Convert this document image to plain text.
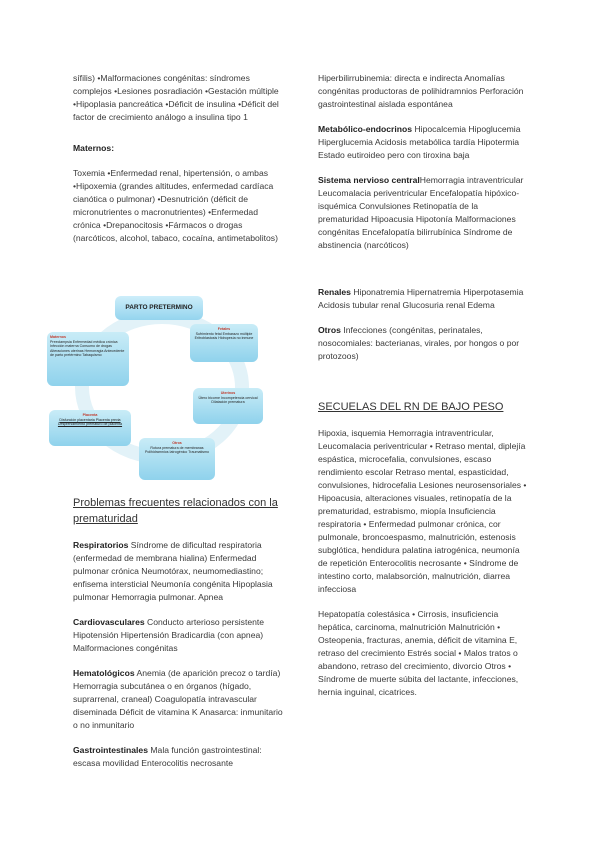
sífilis) •Malformaciones congénitas: síndromes complejos •Lesiones posradiación •Gestación múltiple •Hipoplasia pancreática •Déficit de insulina •Déficit del factor de crecimiento análogo a insulina tipo 1

Maternos:

Toxemia •Enfermedad renal, hipertensión, o ambas •Hipoxemia (grandes altitudes, enfermedad cardíaca cianótica o pulmonar) •Desnutrición (déficit de micronutrientes o macronutrientes) •Enfermedad crónica •Drepanocitosis •Fármacos o drogas (narcóticos, alcohol, tabaco, cocaína, antimetabolitos)

PARTO PRETERMINO
Maternos
Preeclampsia Enfermedad médica crónica Infección materna Consumo de drogas Alteraciones uterinas Hemorragia Antecedente de parto pretérmino Tabaquismo
Fetales
Sufrimiento fetal Embarazo múltiple Eritroblastosis Hidropesía no inmune
Uterinos
Útero bicorne Incompetencia cervical Dilatación prematura
Placenta
Disfunción placentaria Placenta previa Desprendimiento prematuro de placenta
Otros
Rotura prematura de membranas Polihidramnios Iatrogénico Traumatismo

Problemas frecuentes relacionados con la prematuridad

Respiratorios Síndrome de dificultad respiratoria (enfermedad de membrana hialina) Enfermedad pulmonar crónica Neumotórax, neumomediastino; enfisema intersticial Neumonía congénita Hipoplasia pulmonar Hemorragia pulmonar. Apnea

Cardiovasculares Conducto arterioso persistente Hipotensión Hipertensión Bradicardia (con apnea) Malformaciones congénitas

Hematológicos Anemia (de aparición precoz o tardía) Hemorragia subcutánea o en órganos (hígado, suprarrenal, craneal) Coagulopatía intravascular diseminada Déficit de vitamina K Anasarca: inmunitario o no inmunitario

Gastrointestinales Mala función gastrointestinal: escasa movilidad Enterocolitis necrosante

Hiperbilirrubinemia: directa e indirecta Anomalías congénitas productoras de polihidramnios Perforación gastrointestinal aislada espontánea

Metabólico-endocrinos Hipocalcemia Hipoglucemia Hiperglucemia Acidosis metabólica tardía Hipotermia Estado eutiroideo pero con tiroxina baja

Sistema nervioso centralHemorragia intraventricular Leucomalacia periventricular Encefalopatía hipóxico-isquémica Convulsiones Retinopatía de la prematuridad Hipoacusia Hipotonía Malformaciones congénitas Encefalopatía bilirrubínica Síndrome de abstinencia (narcóticos)

Renales Hiponatremia Hipernatremia Hiperpotasemia Acidosis tubular renal Glucosuria renal Edema

Otros Infecciones (congénitas, perinatales, nosocomiales: bacterianas, virales, por hongos o por protozoos)

SECUELAS DEL RN DE BAJO PESO

Hipoxia, isquemia Hemorragia intraventricular, Leucomalacia periventricular • Retraso mental, diplejía espástica, microcefalia, convulsiones, escaso rendimiento escolar Retraso mental, espasticidad, convulsiones, hidrocefalia Lesiones neurosensoriales • Hipoacusia, alteraciones visuales, retinopatía de la prematuridad, estrabismo, miopía Insuficiencia respiratoria • Enfermedad pulmonar crónica, cor pulmonale, broncoespasmo, malnutrición, estenosis subglótica, hendidura palatina iatrogénica, neumonía de repetición Enterocolitis necrosante • Síndrome de intestino corto, malabsorción, malnutrición, diarrea infecciosa

Hepatopatía colestásica • Cirrosis, insuficiencia hepática, carcinoma, malnutrición Malnutrición • Osteopenia, fracturas, anemia, déficit de vitamina E, retraso del crecimiento Estrés social • Malos tratos o abandono, retraso del crecimiento, divorcio Otros • Síndrome de muerte súbita del lactante, infecciones, hernia inguinal, cicatrices.
